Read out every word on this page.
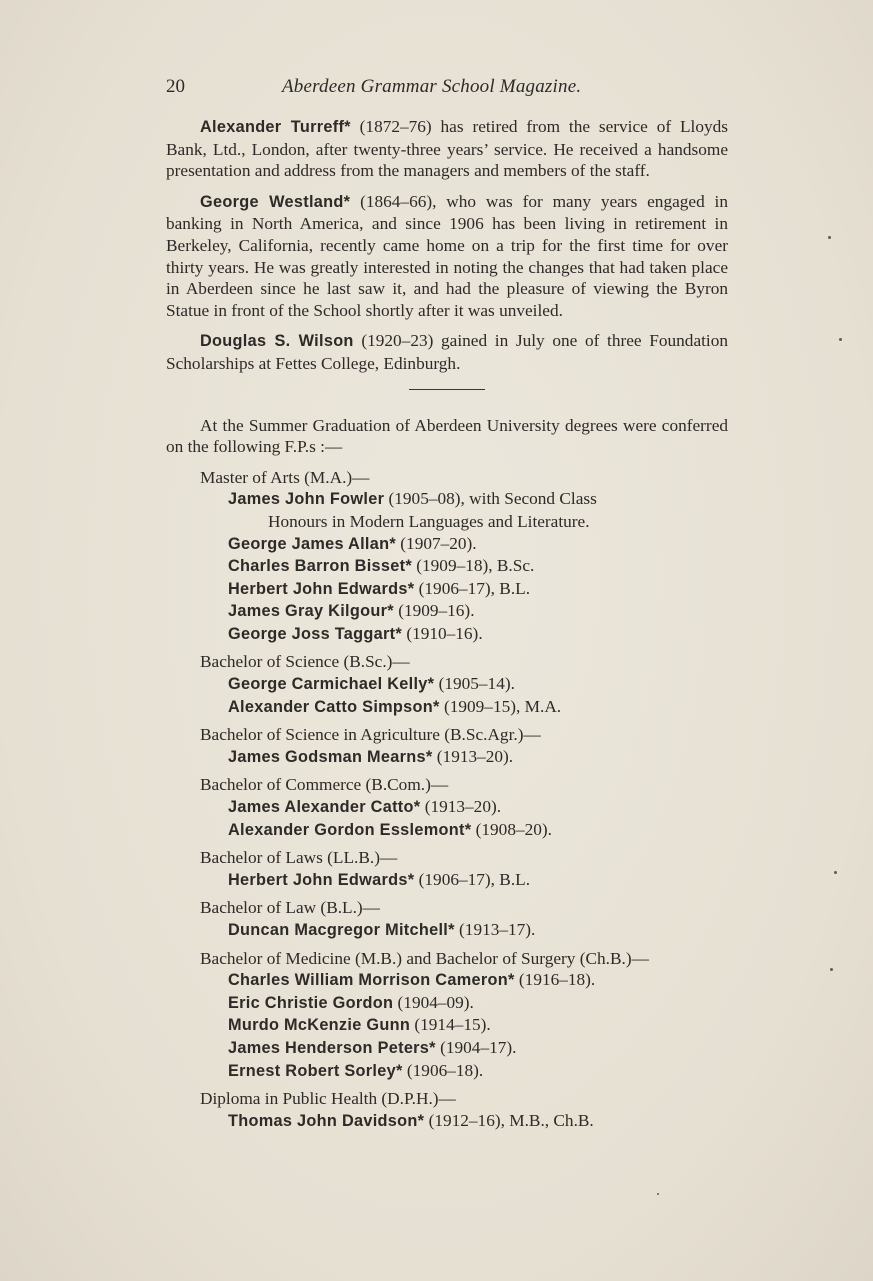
20	Aberdeen Grammar School Magazine.

Alexander Turreff* (1872–76) has retired from the service of Lloyds Bank, Ltd., London, after twenty-three years’ service. He received a handsome presentation and address from the managers and members of the staff.

George Westland* (1864–66), who was for many years engaged in banking in North America, and since 1906 has been living in retirement in Berkeley, California, recently came home on a trip for the first time for over thirty years. He was greatly interested in noting the changes that had taken place in Aberdeen since he last saw it, and had the pleasure of viewing the Byron Statue in front of the School shortly after it was unveiled.

Douglas S. Wilson (1920–23) gained in July one of three Foundation Scholarships at Fettes College, Edinburgh.

At the Summer Graduation of Aberdeen University degrees were conferred on the following F.P.s :—

Master of Arts (M.A.)—
James John Fowler (1905–08), with Second Class
Honours in Modern Languages and Literature.
George James Allan* (1907–20).
Charles Barron Bisset* (1909–18), B.Sc.
Herbert John Edwards* (1906–17), B.L.
James Gray Kilgour* (1909–16).
George Joss Taggart* (1910–16).
Bachelor of Science (B.Sc.)—
George Carmichael Kelly* (1905–14).
Alexander Catto Simpson* (1909–15), M.A.
Bachelor of Science in Agriculture (B.Sc.Agr.)—
James Godsman Mearns* (1913–20).
Bachelor of Commerce (B.Com.)—
James Alexander Catto* (1913–20).
Alexander Gordon Esslemont* (1908–20).
Bachelor of Laws (LL.B.)—
Herbert John Edwards* (1906–17), B.L.
Bachelor of Law (B.L.)—
Duncan Macgregor Mitchell* (1913–17).
Bachelor of Medicine (M.B.) and Bachelor of Surgery (Ch.B.)—
Charles William Morrison Cameron* (1916–18).
Eric Christie Gordon (1904–09).
Murdo McKenzie Gunn (1914–15).
James Henderson Peters* (1904–17).
Ernest Robert Sorley* (1906–18).
Diploma in Public Health (D.P.H.)—
Thomas John Davidson* (1912–16), M.B., Ch.B.
